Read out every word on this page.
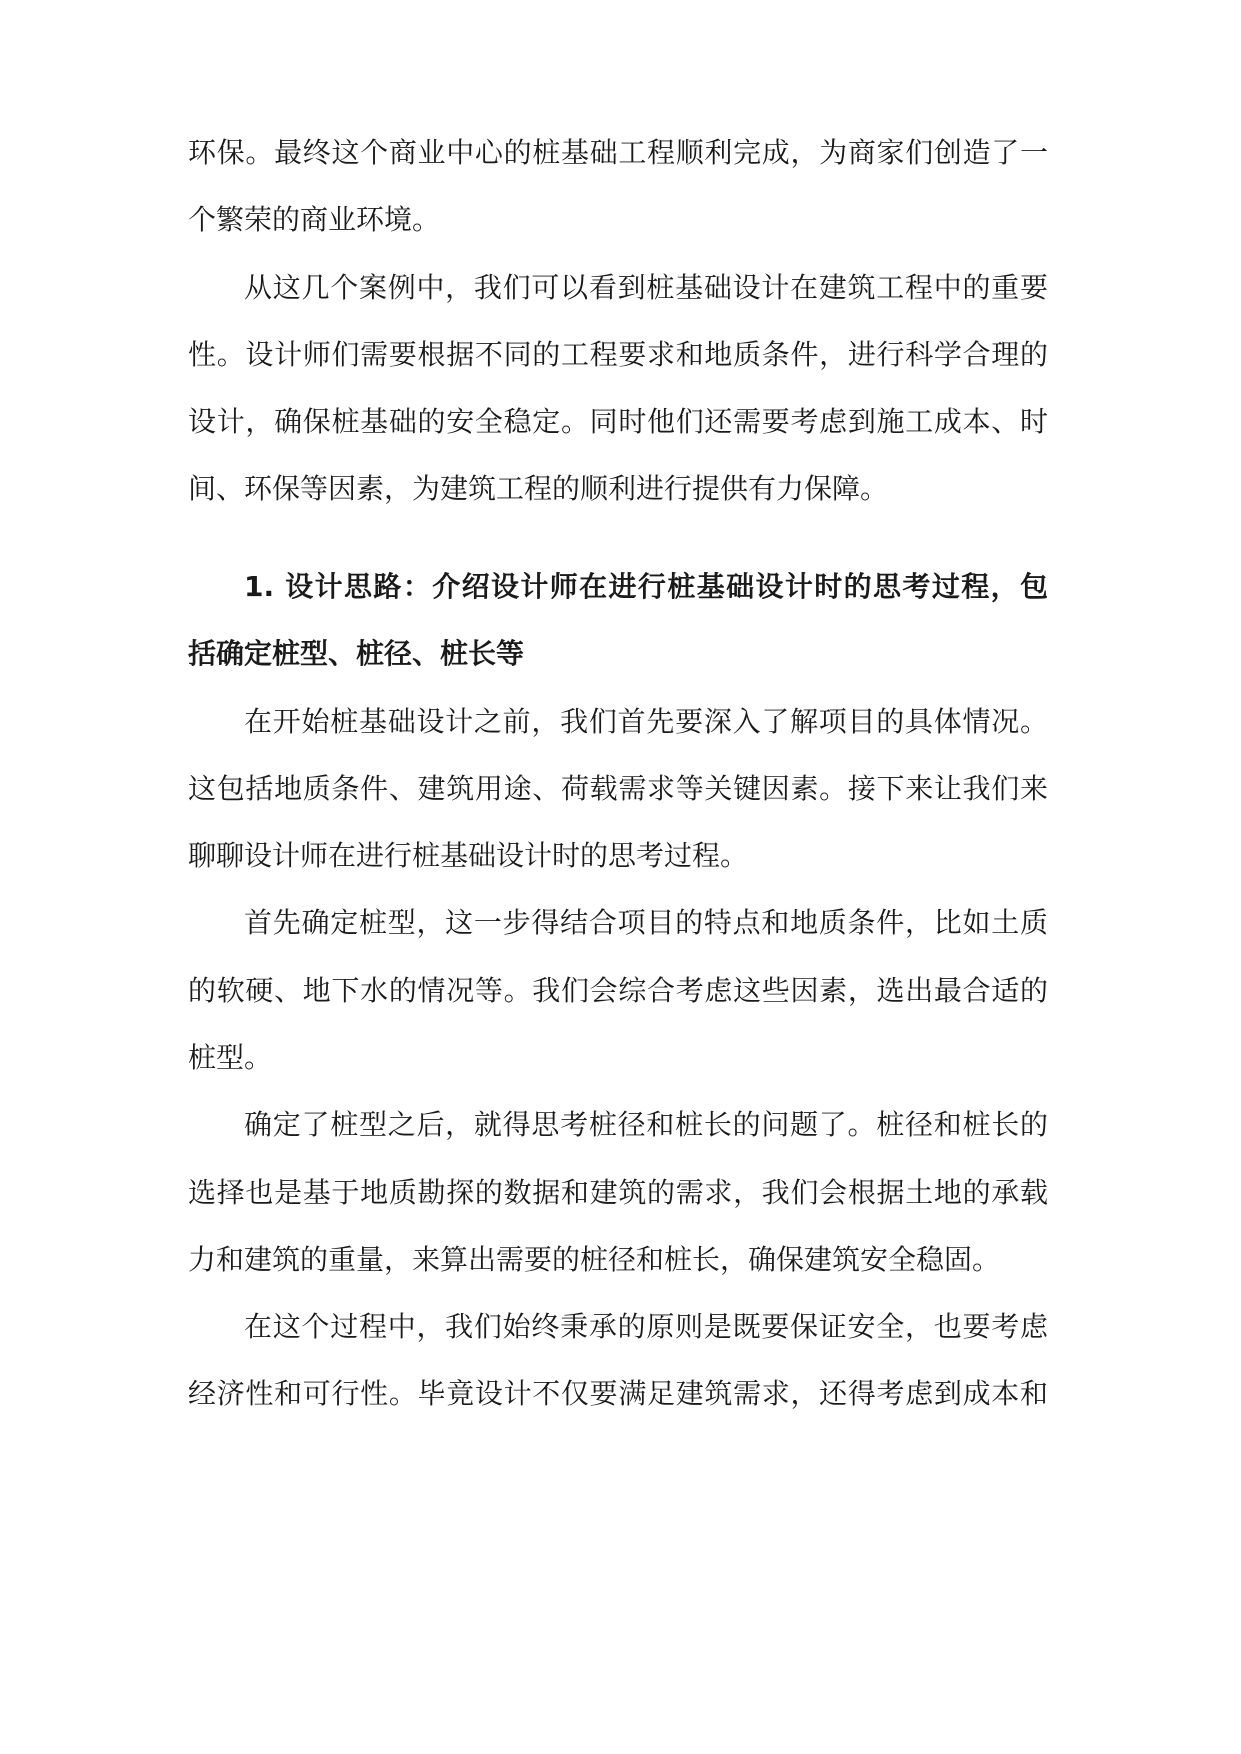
环保。最终这个商业中心的桩基础工程顺利完成，为商家们创造了一
个繁荣的商业环境。
从这几个案例中，我们可以看到桩基础设计在建筑工程中的重要
性。设计师们需要根据不同的工程要求和地质条件，进行科学合理的
设计，确保桩基础的安全稳定。同时他们还需要考虑到施工成本、时
间、环保等因素，为建筑工程的顺利进行提供有力保障。
1. 设计思路：介绍设计师在进行桩基础设计时的思考过程，包
括确定桩型、桩径、桩长等
在开始桩基础设计之前，我们首先要深入了解项目的具体情况。
这包括地质条件、建筑用途、荷载需求等关键因素。接下来让我们来
聊聊设计师在进行桩基础设计时的思考过程。
首先确定桩型，这一步得结合项目的特点和地质条件，比如土质
的软硬、地下水的情况等。我们会综合考虑这些因素，选出最合适的
桩型。
确定了桩型之后，就得思考桩径和桩长的问题了。桩径和桩长的
选择也是基于地质勘探的数据和建筑的需求，我们会根据土地的承载
力和建筑的重量，来算出需要的桩径和桩长，确保建筑安全稳固。
在这个过程中，我们始终秉承的原则是既要保证安全，也要考虑
经济性和可行性。毕竟设计不仅要满足建筑需求，还得考虑到成本和
